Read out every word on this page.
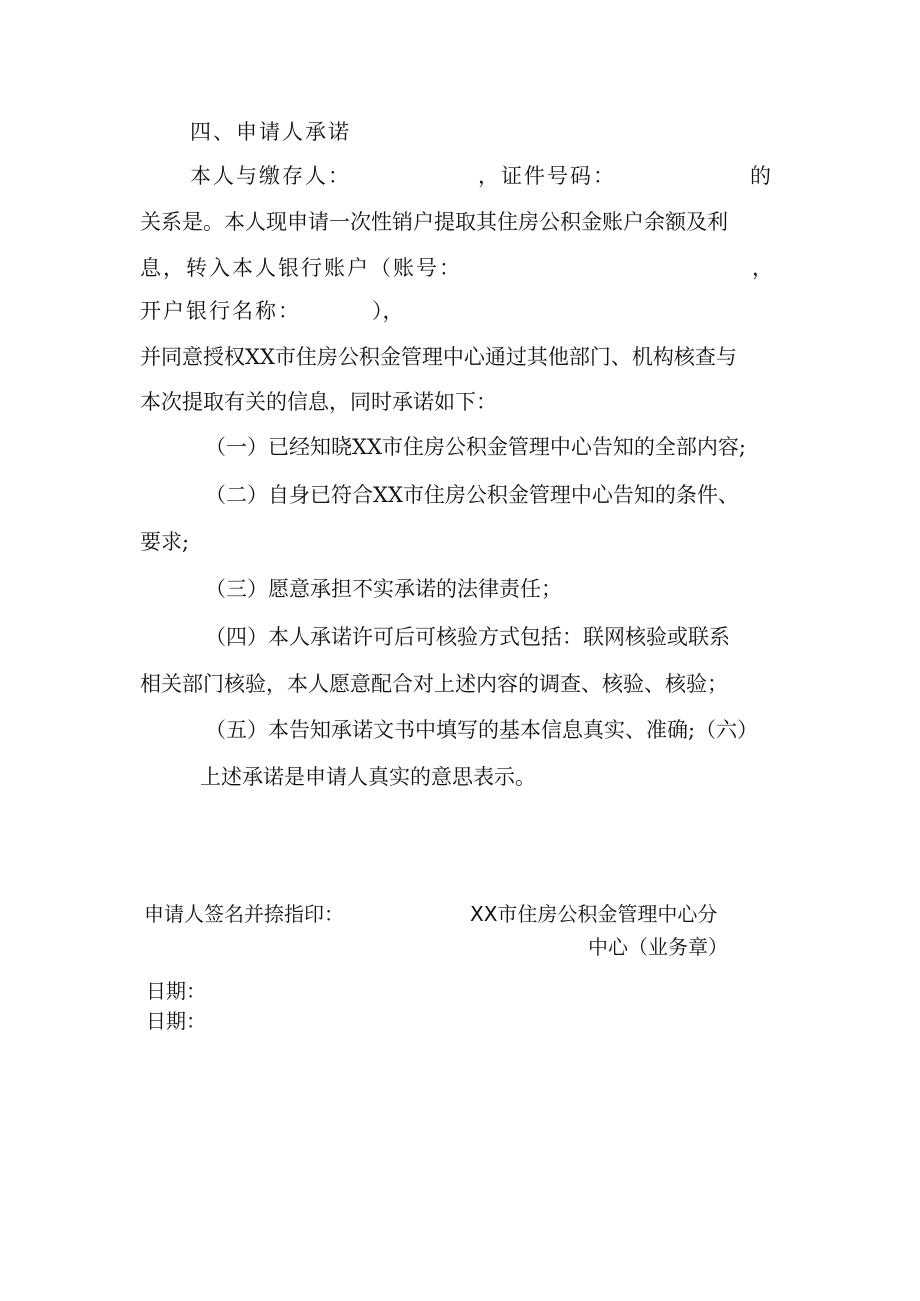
四、申请人承诺
本人与缴存人：	，证件号码：	的
关系是。本人现申请一次性销户提取其住房公积金账户余额及利
息，转入本人银行账户（账号：	，
开户银行名称：	），
并同意授权XX市住房公积金管理中心通过其他部门、机构核查与
本次提取有关的信息，同时承诺如下：
（一）已经知晓XX市住房公积金管理中心告知的全部内容;
（二）自身已符合XX市住房公积金管理中心告知的条件、
要求;
（三）愿意承担不实承诺的法律责任；
（四）本人承诺许可后可核验方式包括：联网核验或联系
相关部门核验，本人愿意配合对上述内容的调查、核验、核验；
（五）本告知承诺文书中填写的基本信息真实、准确;（六）
上述承诺是申请人真实的意思表示。
申请人签名并捺指印：	XX市住房公积金管理中心分
中心（业务章）
日期：
日期：
